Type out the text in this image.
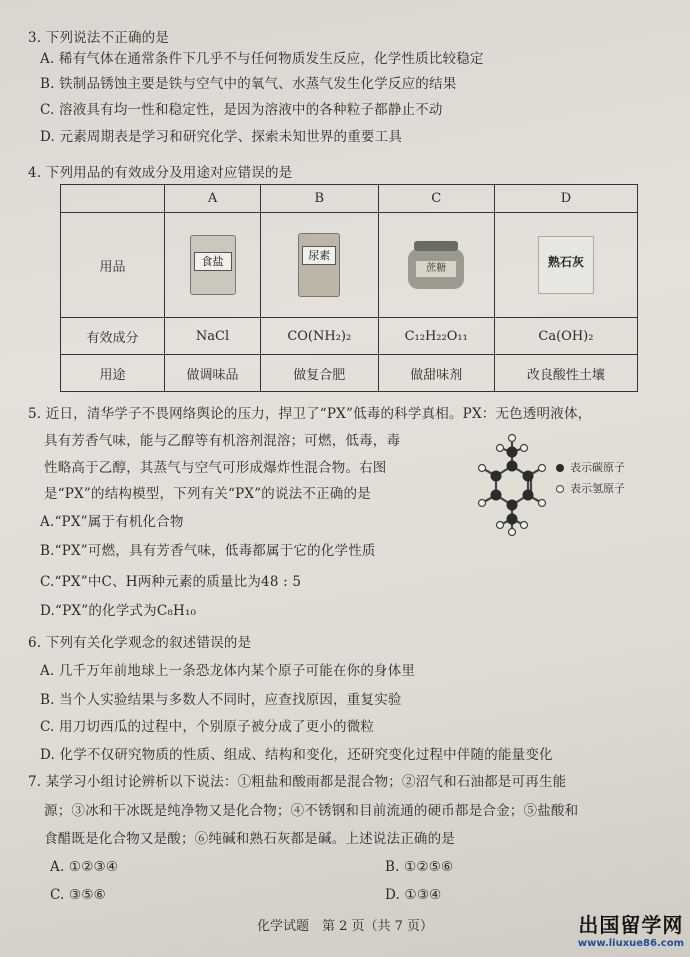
3. 下列说法不正确的是
A. 稀有气体在通常条件下几乎不与任何物质发生反应，化学性质比较稳定
B. 铁制品锈蚀主要是铁与空气中的氧气、水蒸气发生化学反应的结果
C. 溶液具有均一性和稳定性，是因为溶液中的各种粒子都静止不动
D. 元素周期表是学习和研究化学、探索未知世界的重要工具
4. 下列用品的有效成分及用途对应错误的是
	A	B	C	D
用品	食盐	尿素	蔗糖	熟石灰

有效成分	NaCl	CO(NH₂)₂	C₁₂H₂₂O₁₁	Ca(OH)₂
用途	做调味品	做复合肥	做甜味剂	改良酸性土壤
5. 近日，清华学子不畏网络舆论的压力，捍卫了“PX”低毒的科学真相。PX：无色透明液体，
具有芳香气味，能与乙醇等有机溶剂混溶；可燃，低毒，毒
性略高于乙醇，其蒸气与空气可形成爆炸性混合物。右图
是“PX”的结构模型，下列有关“PX”的说法不正确的是
A.“PX”属于有机化合物
B.“PX”可燃，具有芳香气味，低毒都属于它的化学性质
C.“PX”中C、H两种元素的质量比为48 : 5
D.“PX”的化学式为C₈H₁₀
表示碳原子
表示氢原子
6. 下列有关化学观念的叙述错误的是
A. 几千万年前地球上一条恐龙体内某个原子可能在你的身体里
B. 当个人实验结果与多数人不同时，应查找原因，重复实验
C. 用刀切西瓜的过程中，个别原子被分成了更小的微粒
D. 化学不仅研究物质的性质、组成、结构和变化，还研究变化过程中伴随的能量变化
7. 某学习小组讨论辨析以下说法：①粗盐和酸雨都是混合物；②沼气和石油都是可再生能
源；③冰和干冰既是纯净物又是化合物；④不锈钢和目前流通的硬币都是合金；⑤盐酸和
食醋既是化合物又是酸；⑥纯碱和熟石灰都是碱。上述说法正确的是
A. ①②③④	B. ①②⑤⑥
C. ③⑤⑥	D. ①③④
化学试题　第 2 页（共 7 页）	出国留学网
www.liuxue86.com
